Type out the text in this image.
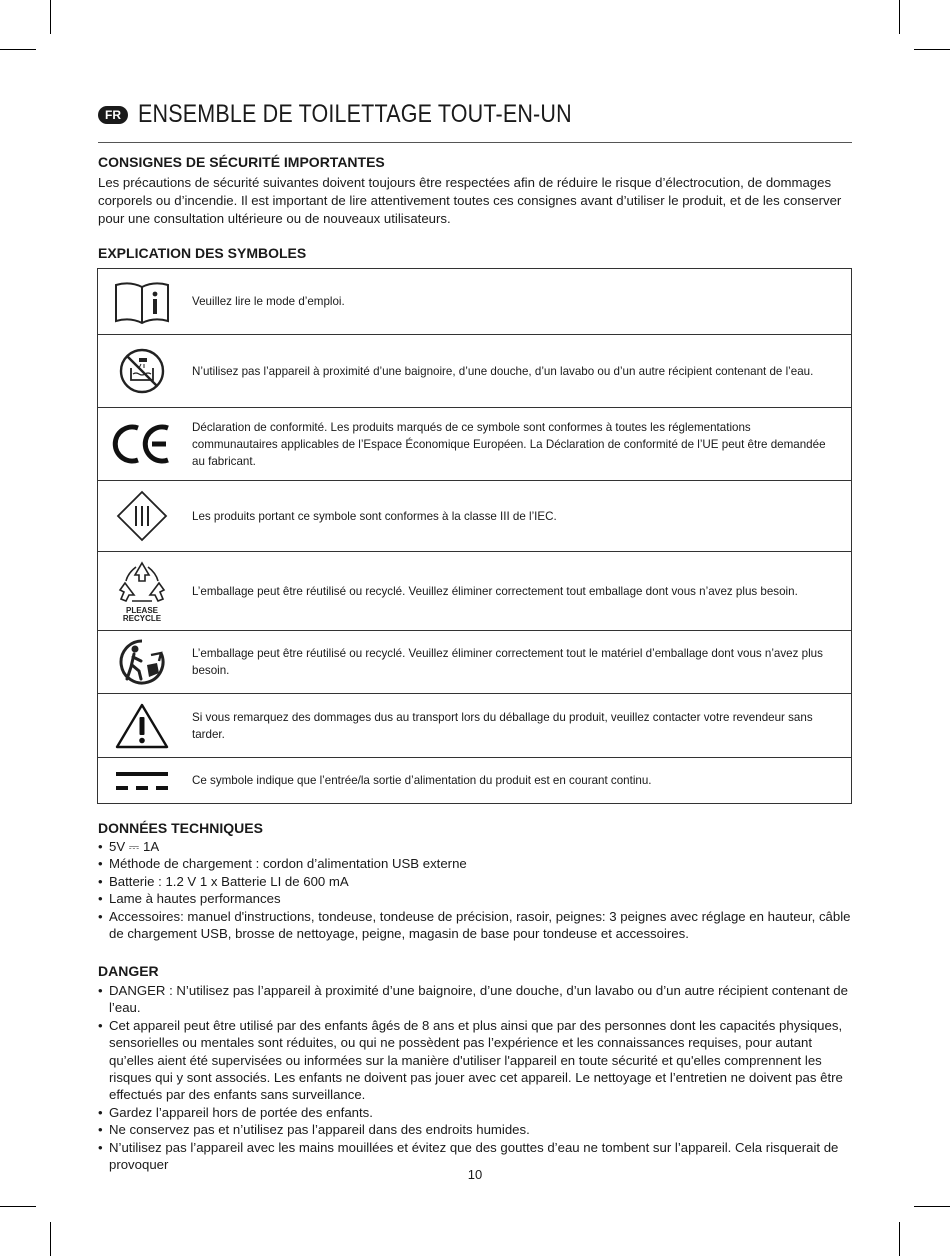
FR ENSEMBLE DE TOILETTAGE TOUT-EN-UN
CONSIGNES DE SÉCURITÉ IMPORTANTES
Les précautions de sécurité suivantes doivent toujours être respectées afin de réduire le risque d’électrocution, de dommages
corporels ou d’incendie. Il est important de lire attentivement toutes ces consignes avant d’utiliser le produit, et de les conserver
pour une consultation ultérieure ou de nouveaux utilisateurs.
EXPLICATION DES SYMBOLES
	Veuillez lire le mode d’emploi.

	N’utilisez pas l’appareil à proximité d’une baignoire, d’une douche, d’un lavabo ou d’un autre récipient contenant de l’eau.

	Déclaration de conformité. Les produits marqués de ce symbole sont conformes à toutes les réglementations communautaires applicables de l’Espace Économique Européen. La Déclaration de conformité de l’UE peut être demandée au fabricant.

	Les produits portant ce symbole sont conformes à la classe III de l’IEC.

PLEASE
RECYCLE	L’emballage peut être réutilisé ou recyclé. Veuillez éliminer correctement tout emballage dont vous n’avez plus besoin.

	L’emballage peut être réutilisé ou recyclé. Veuillez éliminer correctement tout le matériel d’emballage dont vous n’avez plus besoin.

	Si vous remarquez des dommages dus au transport lors du déballage du produit, veuillez contacter votre revendeur sans tarder.

	Ce symbole indique que l’entrée/la sortie d’alimentation du produit est en courant continu.
DONNÉES TECHNIQUES
• 5V ⎓ 1A
• Méthode de chargement : cordon d’alimentation USB externe
• Batterie : 1.2 V 1 x Batterie LI de 600 mA
• Lame à hautes performances
• Accessoires: manuel d'instructions, tondeuse, tondeuse de précision, rasoir, peignes: 3 peignes avec réglage en hauteur, câble de chargement USB, brosse de nettoyage, peigne, magasin de base pour tondeuse et accessoires.
DANGER
• DANGER : N’utilisez pas l’appareil à proximité d’une baignoire, d’une douche, d’un lavabo ou d’un autre récipient contenant de l’eau.
• Cet appareil peut être utilisé par des enfants âgés de 8 ans et plus ainsi que par des personnes dont les capacités physiques, sensorielles ou mentales sont réduites, ou qui ne possèdent pas l’expérience et les connaissances requises, pour autant qu’elles aient été supervisées ou informées sur la manière d'utiliser l'appareil en toute sécurité et qu'elles comprennent les risques qui y sont associés. Les enfants ne doivent pas jouer avec cet appareil. Le nettoyage et l’entretien ne doivent pas être effectués par des enfants sans surveillance.
• Gardez l’appareil hors de portée des enfants.
• Ne conservez pas et n’utilisez pas l’appareil dans des endroits humides.
• N’utilisez pas l’appareil avec les mains mouillées et évitez que des gouttes d’eau ne tombent sur l’appareil. Cela risquerait de provoquer
10
